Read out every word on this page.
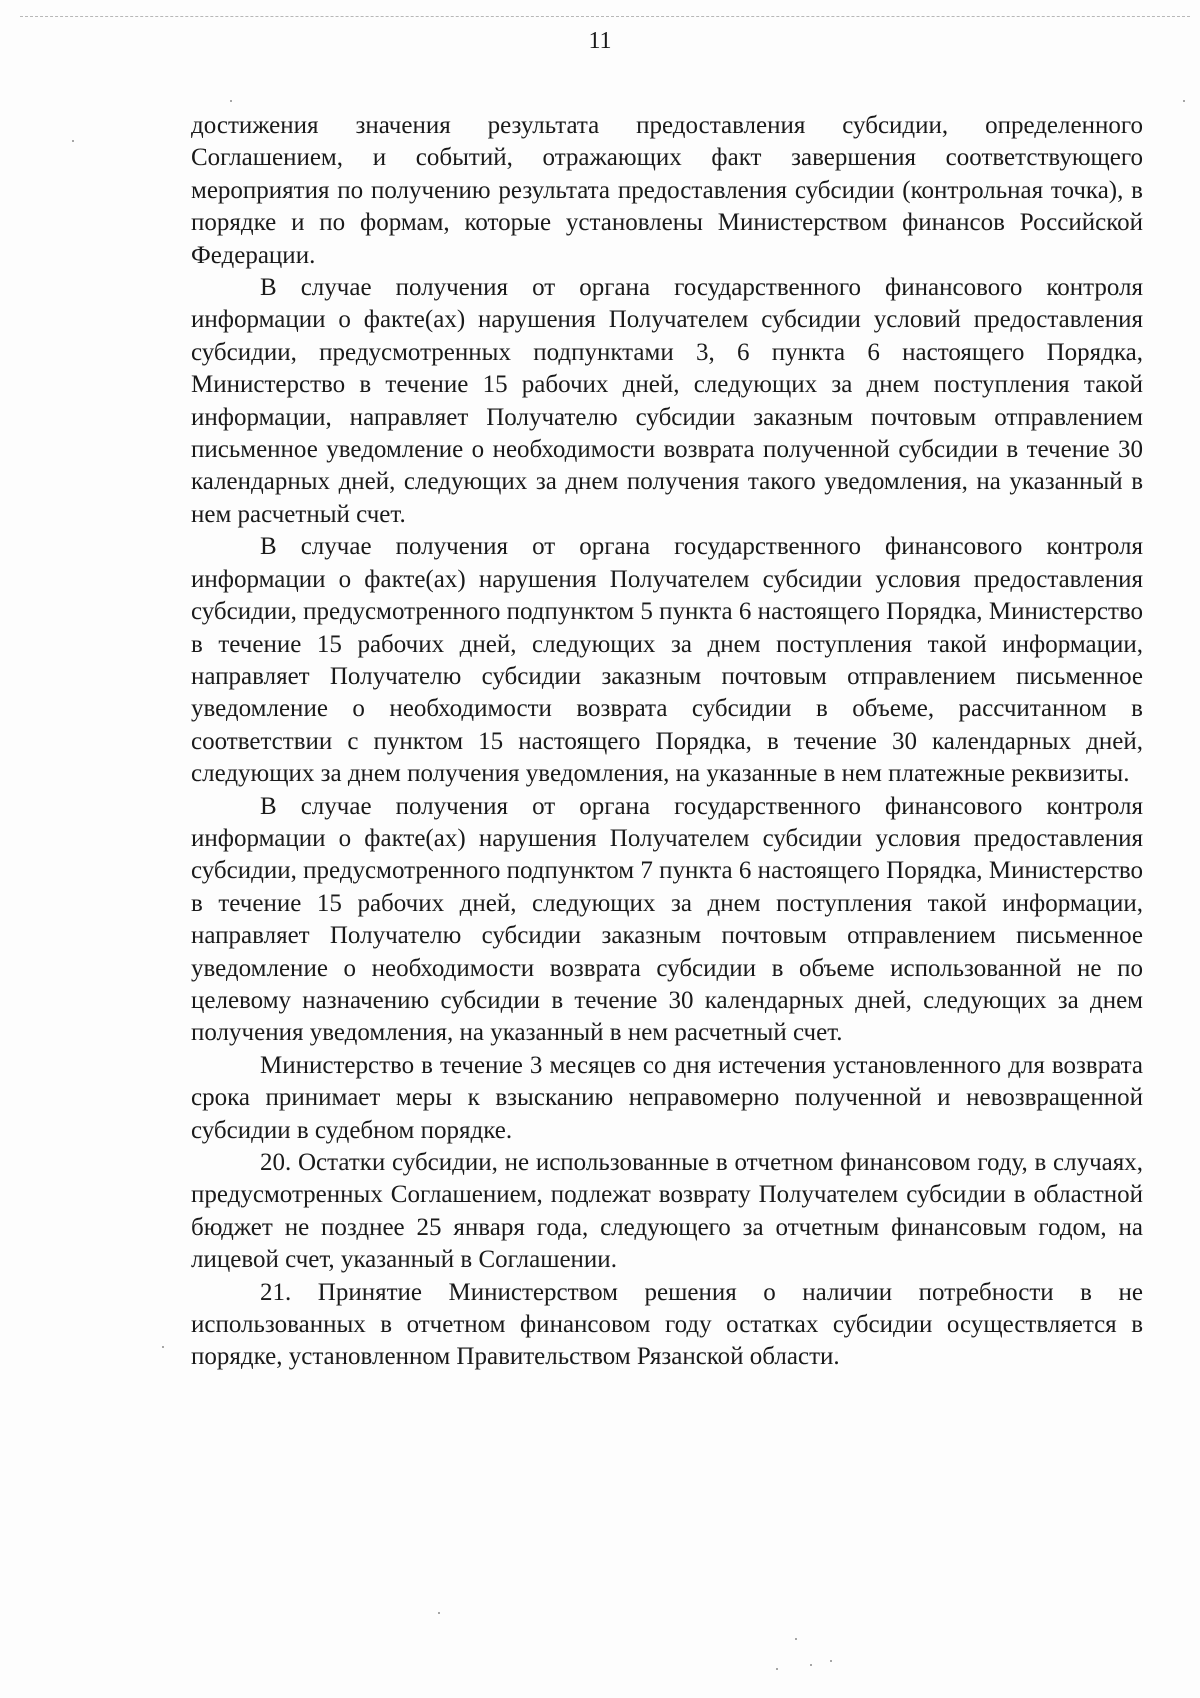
11

достижения значения результата предоставления субсидии, определенного Соглашением, и событий, отражающих факт завершения соответствующего мероприятия по получению результата предоставления субсидии (контрольная точка), в порядке и по формам, которые установлены Министерством финансов Российской Федерации.

В случае получения от органа государственного финансового контроля информации о факте(ах) нарушения Получателем субсидии условий предоставления субсидии, предусмотренных подпунктами 3, 6 пункта 6 настоящего Порядка, Министерство в течение 15 рабочих дней, следующих за днем поступления такой информации, направляет Получателю субсидии заказным почтовым отправлением письменное уведомление о необходимости возврата полученной субсидии в течение 30 календарных дней, следующих за днем получения такого уведомления, на указанный в нем расчетный счет.

В случае получения от органа государственного финансового контроля информации о факте(ах) нарушения Получателем субсидии условия предоставления субсидии, предусмотренного подпунктом 5 пункта 6 настоящего Порядка, Министерство в течение 15 рабочих дней, следующих за днем поступления такой информации, направляет Получателю субсидии заказным почтовым отправлением письменное уведомление о необходимости возврата субсидии в объеме, рассчитанном в соответствии с пунктом 15 настоящего Порядка, в течение 30 календарных дней, следующих за днем получения уведомления, на указанные в нем платежные реквизиты.

В случае получения от органа государственного финансового контроля информации о факте(ах) нарушения Получателем субсидии условия предоставления субсидии, предусмотренного подпунктом 7 пункта 6 настоящего Порядка, Министерство в течение 15 рабочих дней, следующих за днем поступления такой информации, направляет Получателю субсидии заказным почтовым отправлением письменное уведомление о необходимости возврата субсидии в объеме использованной не по целевому назначению субсидии в течение 30 календарных дней, следующих за днем получения уведомления, на указанный в нем расчетный счет.

Министерство в течение 3 месяцев со дня истечения установленного для возврата срока принимает меры к взысканию неправомерно полученной и невозвращенной субсидии в судебном порядке.

20. Остатки субсидии, не использованные в отчетном финансовом году, в случаях, предусмотренных Соглашением, подлежат возврату Получателем субсидии в областной бюджет не позднее 25 января года, следующего за отчетным финансовым годом, на лицевой счет, указанный в Соглашении.

21. Принятие Министерством решения о наличии потребности в не использованных в отчетном финансовом году остатках субсидии осуществляется в порядке, установленном Правительством Рязанской области.
